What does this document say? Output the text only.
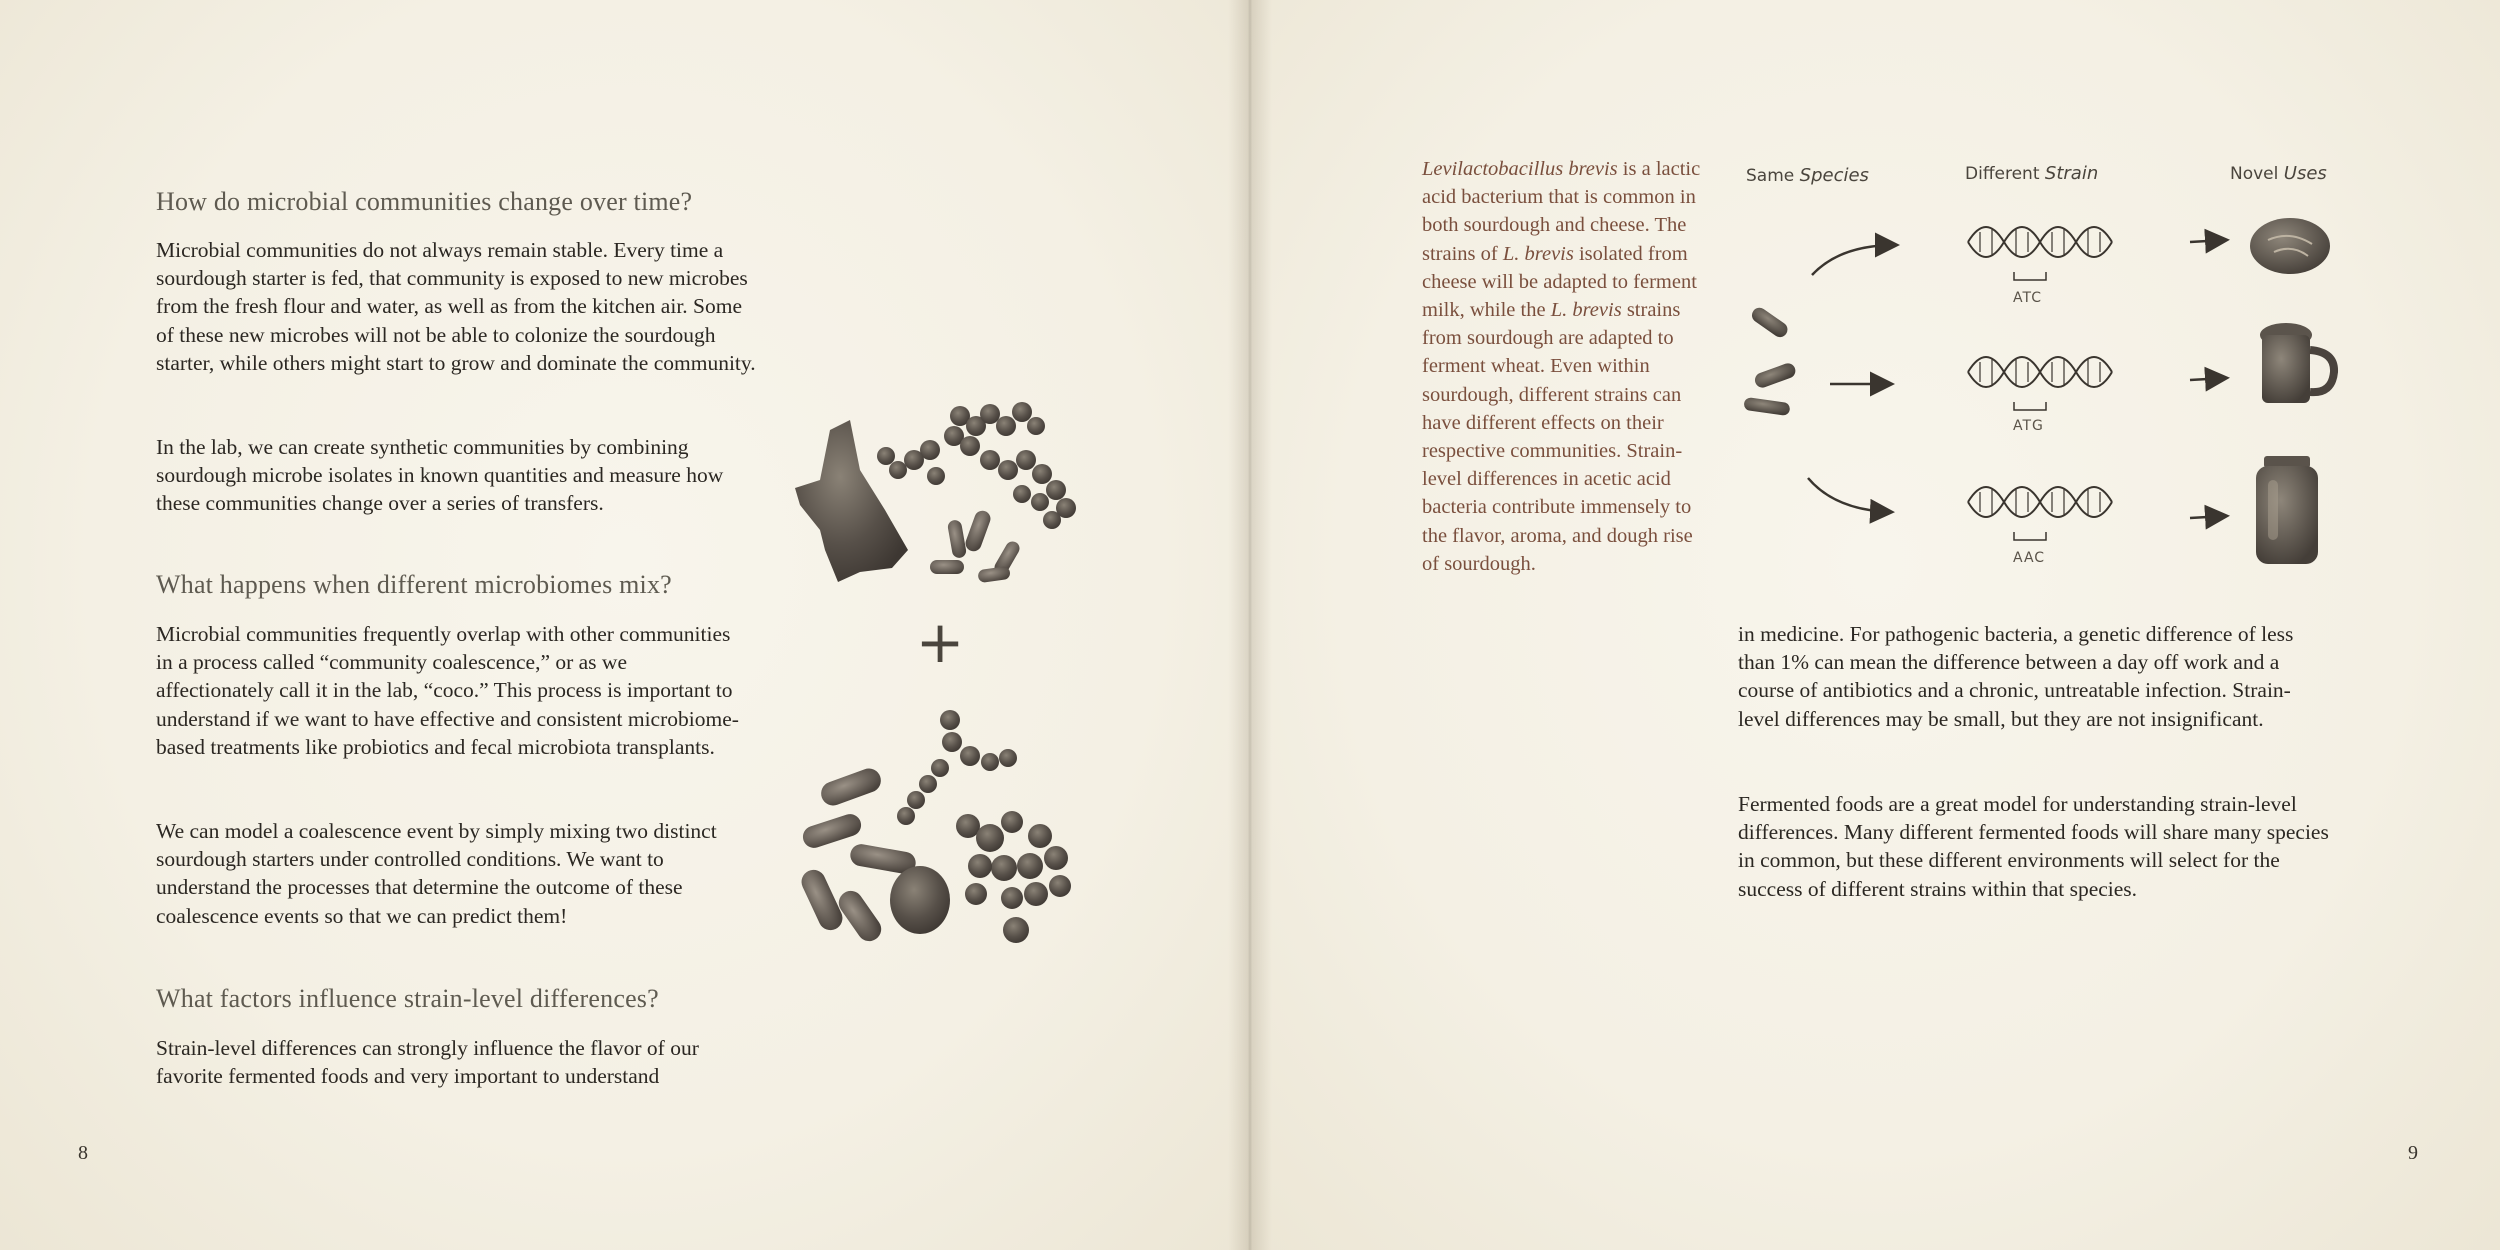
How do microbial communities change over time?

Microbial communities do not always remain stable. Every time a sourdough starter is fed, that community is exposed to new microbes from the fresh flour and water, as well as from the kitchen air. Some of these new microbes will not be able to colonize the sourdough starter, while others might start to grow and dominate the community.

In the lab, we can create synthetic communities by combining sourdough microbe isolates in known quantities and measure how these communities change over a series of transfers.

What happens when different microbiomes mix?

Microbial communities frequently overlap with other communities in a process called “community coalescence,” or as we affectionately call it in the lab, “coco.” This process is important to understand if we want to have effective and consistent microbiome-based treatments like probiotics and fecal microbiota transplants.

We can model a coalescence event by simply mixing two distinct sourdough starters under controlled conditions. We want to understand the processes that determine the outcome of these coalescence events so that we can predict them!

What factors influence strain-level differences?

Strain-level differences can strongly influence the flavor of our favorite fermented foods and very important to understand

8
+
Levilactobacillus brevis is a lactic acid bacterium that is common in both sourdough and cheese. The strains of L. brevis isolated from cheese will be adapted to ferment milk, while the L. brevis strains from sourdough are adapted to ferment wheat. Even within sourdough, different strains can have different effects on their respective communities. Strain-level differences in acetic acid bacteria contribute immensely to the flavor, aroma, and dough rise of sourdough.
Same Species	Different Strain	Novel Uses
ATC
ATG
AAC

in medicine. For pathogenic bacteria, a genetic difference of less than 1% can mean the difference between a day off work and a course of antibiotics and a chronic, untreatable infection. Strain-level differences may be small, but they are not insignificant.

Fermented foods are a great model for understanding strain-level differences. Many different fermented foods will share many species in common, but these different environments will select for the success of different strains within that species.

9
